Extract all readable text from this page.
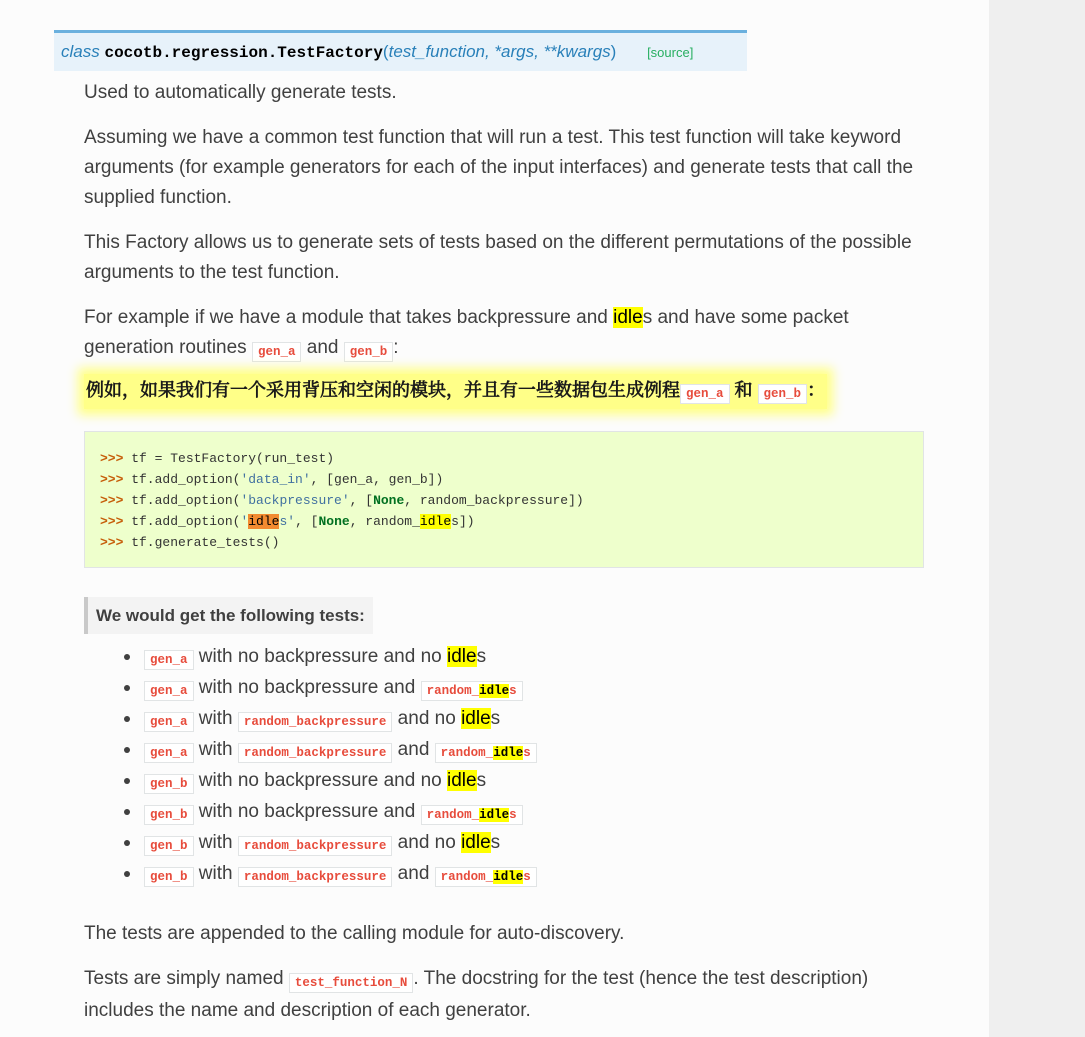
class cocotb.regression.TestFactory(test_function, *args, **kwargs) [source]

Used to automatically generate tests.

Assuming we have a common test function that will run a test. This test function will take keyword arguments (for example generators for each of the input interfaces) and generate tests that call the supplied function.

This Factory allows us to generate sets of tests based on the different permutations of the possible arguments to the test function.

For example if we have a module that takes backpressure and idles and have some packet generation routines gen_a and gen_b :

例如，如果我们有一个采用背压和空闲的模块，并且有一些数据包生成例程 gen_a 和 gen_b ：

>>> tf = TestFactory(run_test)
>>> tf.add_option('data_in', [gen_a, gen_b])
>>> tf.add_option('backpressure', [None, random_backpressure])
>>> tf.add_option('idles', [None, random_idles])
>>> tf.generate_tests()
We would get the following tests:
gen_a with no backpressure and no idles
gen_a with no backpressure and random_idles
gen_a with random_backpressure and no idles
gen_a with random_backpressure and random_idles
gen_b with no backpressure and no idles
gen_b with no backpressure and random_idles
gen_b with random_backpressure and no idles
gen_b with random_backpressure and random_idles

The tests are appended to the calling module for auto-discovery.

Tests are simply named test_function_N . The docstring for the test (hence the test description) includes the name and description of each generator.
